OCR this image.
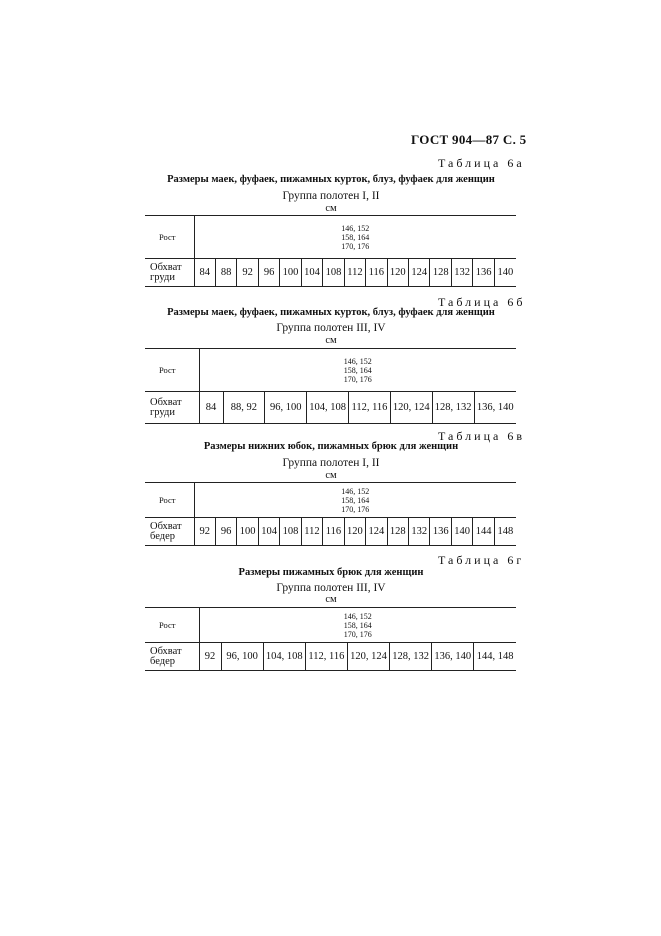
ГОСТ 904—87 С. 5
Таблица 6а
Размеры маек, фуфаек, пижамных курток, блуз, фуфаек для женщин
Группа полотен I, II
см
Рост	146, 152
158, 164
170, 176														

Обхват
груди	84	88	92	96	100	104	108	112	116	120	124	128	132	136	140
Таблица 6б
Размеры маек, фуфаек, пижамных курток, блуз, фуфаек для женщин
Группа полотен III, IV
см
Рост	146, 152
158, 164
170, 176							

Обхват
груди	84	88, 92	96, 100	104, 108	112, 116	120, 124	128, 132	136, 140
Таблица 6в
Размеры нижних юбок, пижамных брюк для женщин
Группа полотен I, II
см
Рост	146, 152
158, 164
170, 176														

Обхват
бедер	92	96	100	104	108	112	116	120	124	128	132	136	140	144	148
Таблица 6г
Размеры пижамных брюк для женщин
Группа полотен III, IV
см
Рост	146, 152
158, 164
170, 176							

Обхват
бедер	92	96, 100	104, 108	112, 116	120, 124	128, 132	136, 140	144, 148
